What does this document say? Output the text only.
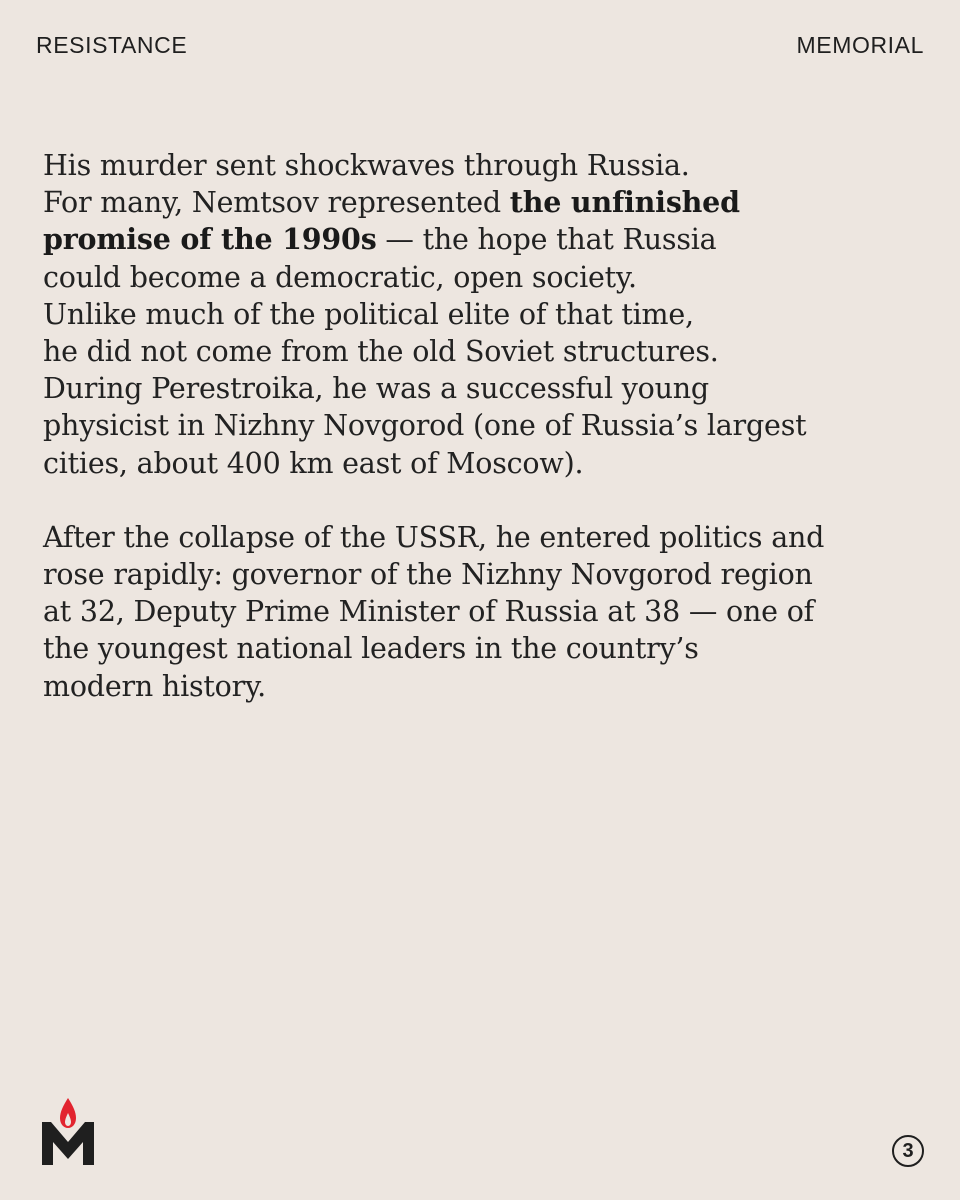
RESISTANCE	MEMORIAL

His murder sent shockwaves through Russia.
For many, Nemtsov represented the unfinished
promise of the 1990s — the hope that Russia
could become a democratic, open society.
Unlike much of the political elite of that time,
he did not come from the old Soviet structures.
During Perestroika, he was a successful young
physicist in Nizhny Novgorod (one of Russia’s largest
cities, about 400 km east of Moscow).

After the collapse of the USSR, he entered politics and
rose rapidly: governor of the Nizhny Novgorod region
at 32, Deputy Prime Minister of Russia at 38 — one of
the youngest national leaders in the country’s
modern history.

3
